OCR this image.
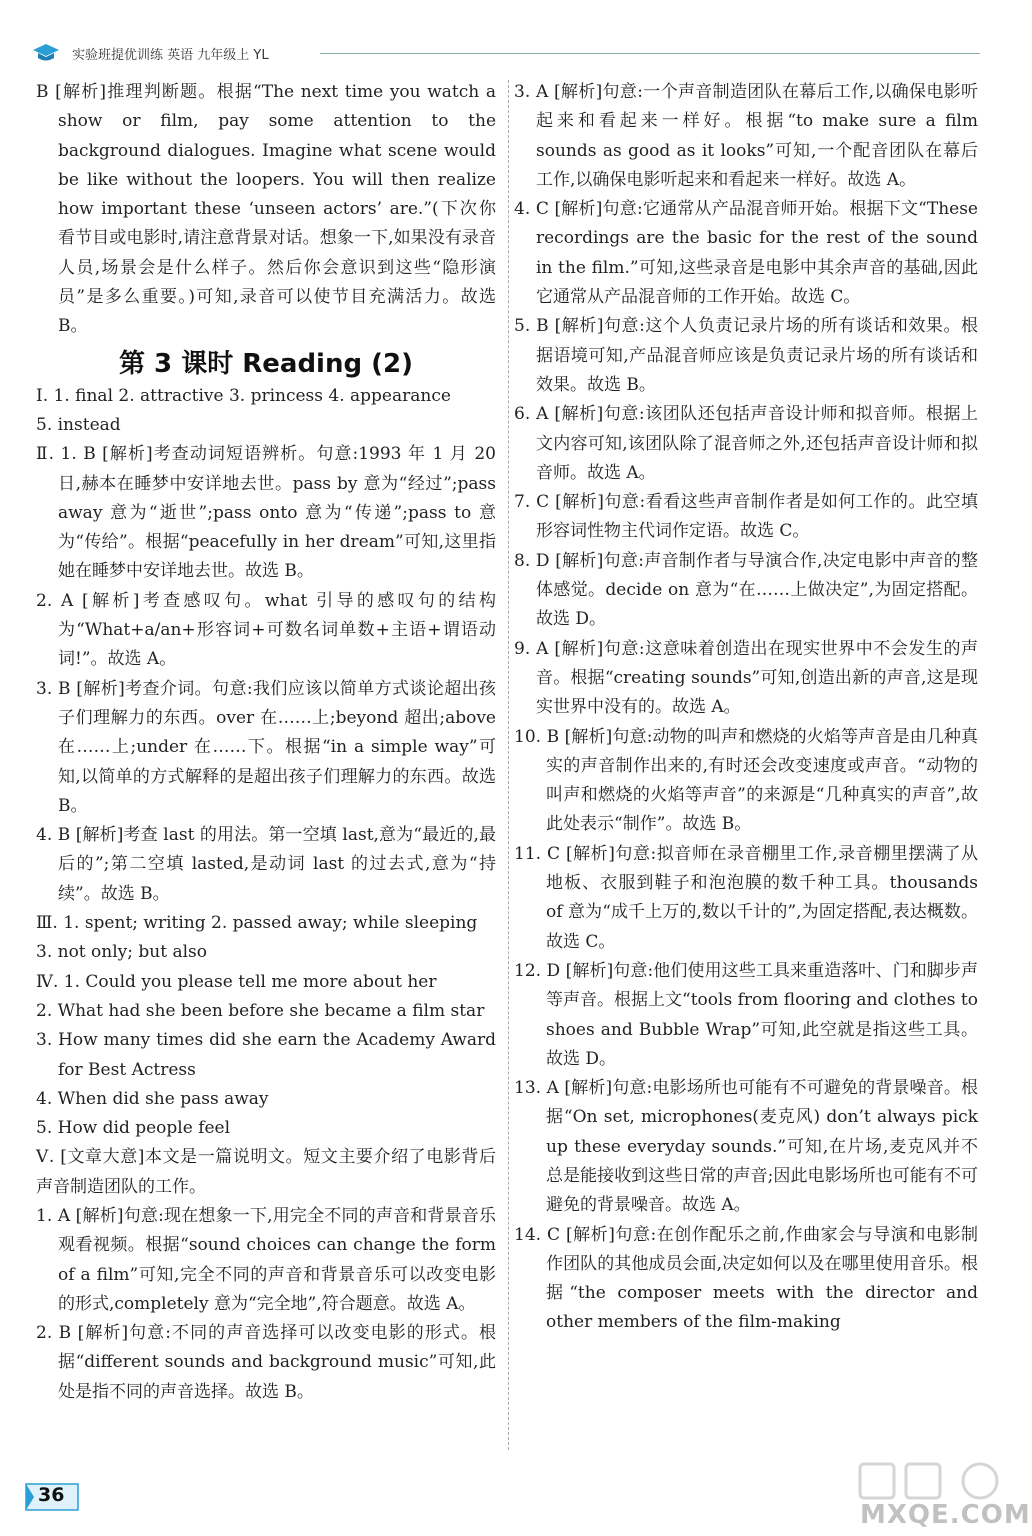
实验班提优训练 英语 九年级上 YL

B [解析]推理判断题。根据“The next time you watch a show or film, pay some attention to the background dialogues. Imagine what scene would be like without the loopers. You will then realize how important these ‘unseen actors’ are.”(下次你看节目或电影时,请注意背景对话。想象一下,如果没有录音人员,场景会是什么样子。然后你会意识到这些“隐形演员”是多么重要。)可知,录音可以使节目充满活力。故选 B。

第 3 课时 Reading (2)

Ⅰ. 1. final 2. attractive 3. princess 4. appearance

5. instead

Ⅱ. 1. B [解析]考查动词短语辨析。句意:1993 年 1 月 20 日,赫本在睡梦中安详地去世。pass by 意为“经过”;pass away 意为“逝世”;pass onto 意为“传递”;pass to 意为“传给”。根据“peacefully in her dream”可知,这里指她在睡梦中安详地去世。故选 B。

2. A [解析]考查感叹句。what 引导的感叹句的结构为“What+a/an+形容词+可数名词单数+主语+谓语动词!”。故选 A。

3. B [解析]考查介词。句意:我们应该以简单方式谈论超出孩子们理解力的东西。over 在……上;beyond 超出;above 在……上;under 在……下。根据“in a simple way”可知,以简单的方式解释的是超出孩子们理解力的东西。故选 B。

4. B [解析]考查 last 的用法。第一空填 last,意为“最近的,最后的”;第二空填 lasted,是动词 last 的过去式,意为“持续”。故选 B。

Ⅲ. 1. spent; writing 2. passed away; while sleeping

3. not only; but also

Ⅳ. 1. Could you please tell me more about her

2. What had she been before she became a film star

3. How many times did she earn the Academy Award for Best Actress

4. When did she pass away

5. How did people feel

Ⅴ. [文章大意]本文是一篇说明文。短文主要介绍了电影背后声音制造团队的工作。

1. A [解析]句意:现在想象一下,用完全不同的声音和背景音乐观看视频。根据“sound choices can change the form of a film”可知,完全不同的声音和背景音乐可以改变电影的形式,completely 意为“完全地”,符合题意。故选 A。

2. B [解析]句意:不同的声音选择可以改变电影的形式。根据“different sounds and background music”可知,此处是指不同的声音选择。故选 B。

3. A [解析]句意:一个声音制造团队在幕后工作,以确保电影听起来和看起来一样好。根据“to make sure a film sounds as good as it looks”可知,一个配音团队在幕后工作,以确保电影听起来和看起来一样好。故选 A。

4. C [解析]句意:它通常从产品混音师开始。根据下文“These recordings are the basic for the rest of the sound in the film.”可知,这些录音是电影中其余声音的基础,因此它通常从产品混音师的工作开始。故选 C。

5. B [解析]句意:这个人负责记录片场的所有谈话和效果。根据语境可知,产品混音师应该是负责记录片场的所有谈话和效果。故选 B。

6. A [解析]句意:该团队还包括声音设计师和拟音师。根据上文内容可知,该团队除了混音师之外,还包括声音设计师和拟音师。故选 A。

7. C [解析]句意:看看这些声音制作者是如何工作的。此空填形容词性物主代词作定语。故选 C。

8. D [解析]句意:声音制作者与导演合作,决定电影中声音的整体感觉。decide on 意为“在……上做决定”,为固定搭配。故选 D。

9. A [解析]句意:这意味着创造出在现实世界中不会发生的声音。根据“creating sounds”可知,创造出新的声音,这是现实世界中没有的。故选 A。

10. B [解析]句意:动物的叫声和燃烧的火焰等声音是由几种真实的声音制作出来的,有时还会改变速度或声音。“动物的叫声和燃烧的火焰等声音”的来源是“几种真实的声音”,故此处表示“制作”。故选 B。

11. C [解析]句意:拟音师在录音棚里工作,录音棚里摆满了从地板、衣服到鞋子和泡泡膜的数千种工具。thousands of 意为“成千上万的,数以千计的”,为固定搭配,表达概数。故选 C。

12. D [解析]句意:他们使用这些工具来重造落叶、门和脚步声等声音。根据上文“tools from flooring and clothes to shoes and Bubble Wrap”可知,此空就是指这些工具。故选 D。

13. A [解析]句意:电影场所也可能有不可避免的背景噪音。根据“On set, microphones(麦克风) don’t always pick up these everyday sounds.”可知,在片场,麦克风并不总是能接收到这些日常的声音;因此电影场所也可能有不可避免的背景噪音。故选 A。

14. C [解析]句意:在创作配乐之前,作曲家会与导演和电影制作团队的其他成员会面,决定如何以及在哪里使用音乐。根据“the composer meets with the director and other members of the film-making

36
MXQE.COM
